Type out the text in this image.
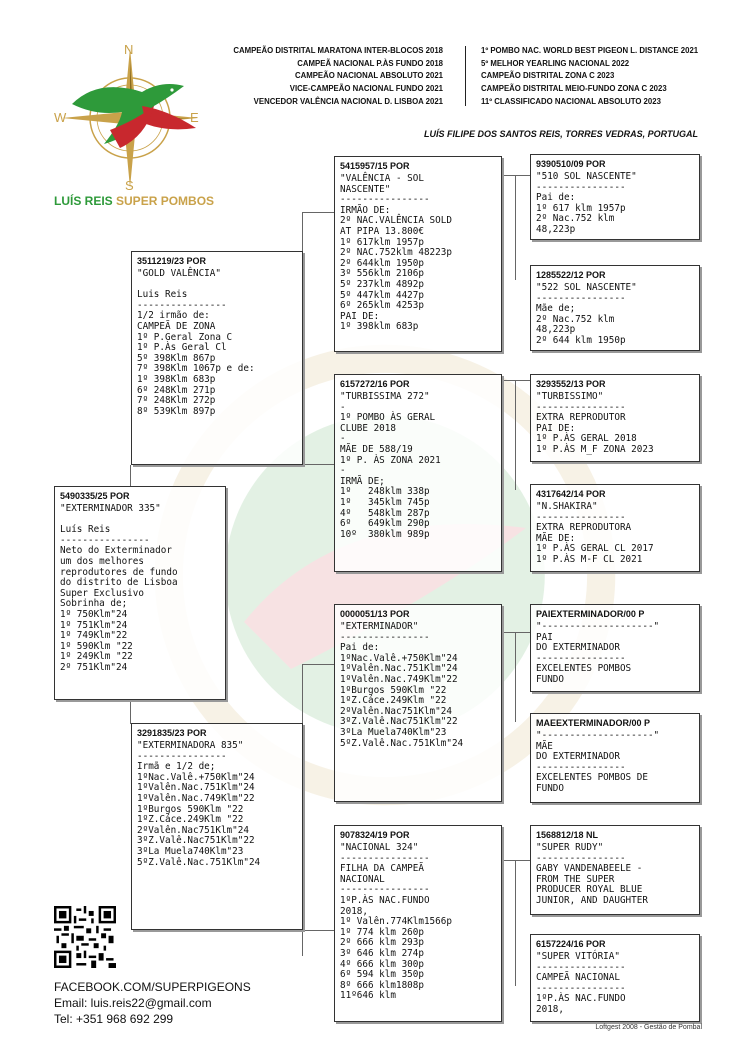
N
S
W	E
LUÍS REIS SUPER POMBOS
CAMPEÃO DISTRITAL MARATONA INTER-BLOCOS 2018
CAMPEÃ NACIONAL P.ÀS FUNDO 2018
CAMPEÃO NACIONAL ABSOLUTO 2021
VICE-CAMPEÃO NACIONAL FUNDO 2021
VENCEDOR VALÊNCIA NACIONAL D. LISBOA 2021
1º POMBO NAC. WORLD BEST PIGEON L. DISTANCE 2021
5º MELHOR YEARLING NACIONAL 2022
CAMPEÃO DISTRITAL ZONA C 2023
CAMPEÃO DISTRITAL MEIO-FUNDO ZONA C 2023
11º CLASSIFICADO NACIONAL ABSOLUTO 2023
LUÍS FILIPE DOS SANTOS REIS, TORRES VEDRAS, PORTUGAL
5490335/25 POR
"EXTERMINADOR 335"

Luís Reis
----------------
Neto do Exterminador
um dos melhores
reprodutores de fundo
do distrito de Lisboa
Super Exclusivo
Sobrinha de;
1º 750Klm"24
1º 751Klm"24
1º 749Klm"22
1º 590Klm "22
1º 249Klm "22
2º 751Klm"24
3511219/23 POR
"GOLD VALÊNCIA"

Luis Reis
----------------
1/2 irmão de:
CAMPEÃ DE ZONA
1º P.Geral Zona C
1º P.Às Geral Cl
5º 398Klm 867p
7º 398Klm 1067p e de:
1º 398Klm 683p
6º 248Klm 271p
7º 248Klm 272p
8º 539Klm 897p
3291835/23 POR
"EXTERMINADORA 835"
----------------
Irmã e 1/2 de;
1ºNac.Valê.+750Klm"24
1ºValên.Nac.751Klm"24
1ºValên.Nac.749Klm"22
1ºBurgos 590Klm "22
1ºZ.Cáce.249Klm "22
2ºValên.Nac751Klm"24
3ºZ.Valê.Nac751Klm"22
3ºLa Muela740Klm"23
5ºZ.Valê.Nac.751Klm"24
5415957/15 POR
"VALÊNCIA - SOL
NASCENTE"
----------------
IRMÃO DE:
2º NAC.VALÊNCIA SOLD
AT PIPA 13.800€
1º 617klm 1957p
2º NAC.752klm 48223p
2º 644klm 1950p
3º 556klm 2106p
5º 237klm 4892p
5º 447klm 4427p
6º 265klm 4253p
PAI DE:
1º 398klm 683p
6157272/16 POR
"TURBISSIMA 272"
-
1º POMBO ÀS GERAL
CLUBE 2018
-
MÃE DE 588/19
1º P. ÀS ZONA 2021
-
IRMÃ DE;
1º   248klm 338p
1º   345klm 745p
4º   548klm 287p
6º   649klm 290p
10º  380klm 989p
0000051/13 POR
"EXTERMINADOR"
----------------
Pai de:
1ºNac.Valê.+750Klm"24
1ºValên.Nac.751Klm"24
1ºValên.Nac.749Klm"22
1ºBurgos 590Klm "22
1ºZ.Cáce.249Klm "22
2ºValên.Nac751Klm"24
3ºZ.Valê.Nac751Klm"22
3ºLa Muela740Klm"23
5ºZ.Valê.Nac.751Klm"24
9078324/19 POR
"NACIONAL 324"
----------------
FILHA DA CAMPEÃ
NACIONAL
----------------
1ºP.ÀS NAC.FUNDO
2018,
1º Valên.774Klm1566p
1º 774 klm 260p
2º 666 klm 293p
3º 646 klm 274p
4º 666 klm 300p
6º 594 klm 350p
8º 666 klm1808p
11º646 klm
9390510/09 POR
"510 SOL NASCENTE"
----------------
Pai de:
1º 617 klm 1957p
2º Nac.752 klm
48,223p
1285522/12 POR
"522 SOL NASCENTE"
----------------
Mãe de;
2º Nac.752 klm
48,223p
2º 644 klm 1950p
3293552/13 POR
"TURBISSIMO"
----------------
EXTRA REPRODUTOR
PAI DE:
1º P.ÀS GERAL 2018
1º P.ÀS M_F ZONA 2023
4317642/14 POR
"N.SHAKIRA"
----------------
EXTRA REPRODUTORA
MÃE DE:
1º P.ÀS GERAL CL 2017
1º P.ÀS M-F CL 2021
PAIEXTERMINADOR/00 P
"--------------------"
PAI
DO EXTERMINADOR
----------------
EXCELENTES POMBOS
FUNDO
MAEEXTERMINADOR/00 P
"--------------------"
MÃE
DO EXTERMINADOR
----------------
EXCELENTES POMBOS DE
FUNDO
1568812/18 NL
"SUPER RUDY"
----------------
GABY VANDENABEELE -
FROM THE SUPER
PRODUCER ROYAL BLUE
JUNIOR, AND DAUGHTER
6157224/16 POR
"SUPER VITÓRIA"
----------------
CAMPEÃ NACIONAL
----------------
1ºP.ÀS NAC.FUNDO
2018,
FACEBOOK.COM/SUPERPIGEONS
Email: luis.reis22@gmail.com
Tel: +351 968 692 299
Loftgest 2008 - Gestão de Pombal
